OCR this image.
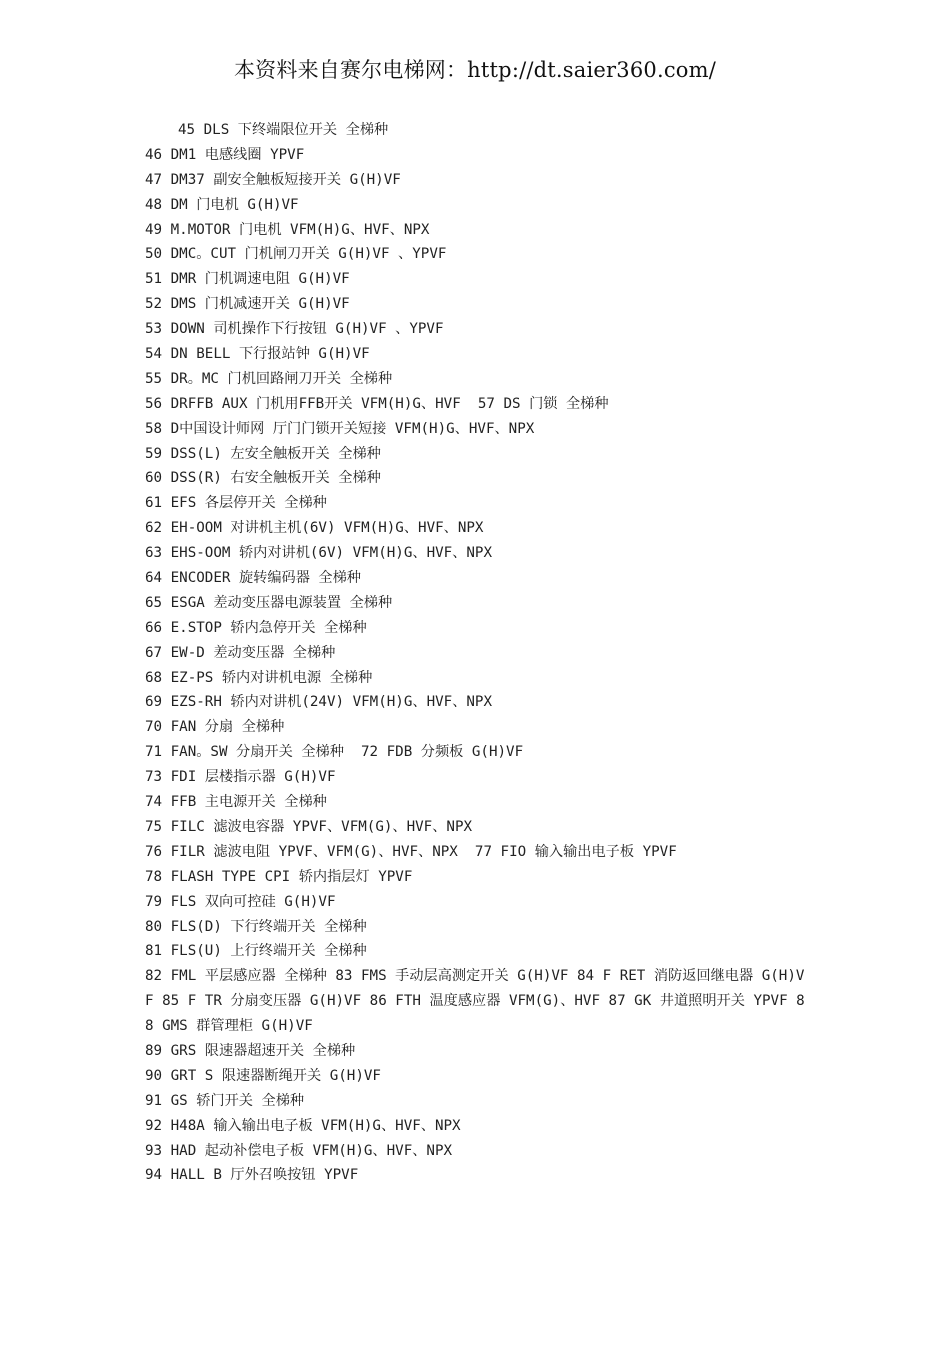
本资料来自赛尔电梯网：http://dt.saier360.com/
45 DLS 下终端限位开关 全梯种
46 DM1 电感线圈 YPVF
47 DM37 副安全触板短接开关 G(H)VF
48 DM 门电机 G(H)VF
49 M.MOTOR 门电机 VFM(H)G、HVF、NPX
50 DMC。CUT 门机闸刀开关 G(H)VF 、YPVF
51 DMR 门机调速电阻 G(H)VF
52 DMS 门机减速开关 G(H)VF
53 DOWN 司机操作下行按钮 G(H)VF 、YPVF
54 DN BELL 下行报站钟 G(H)VF
55 DR。MC 门机回路闸刀开关 全梯种
56 DRFFB AUX 门机用FFB开关 VFM(H)G、HVF  57 DS 门锁 全梯种
58 D中国设计师网 厅门门锁开关短接 VFM(H)G、HVF、NPX
59 DSS(L) 左安全触板开关 全梯种
60 DSS(R) 右安全触板开关 全梯种
61 EFS 各层停开关 全梯种
62 EH-OOM 对讲机主机(6V) VFM(H)G、HVF、NPX
63 EHS-OOM 轿内对讲机(6V) VFM(H)G、HVF、NPX
64 ENCODER 旋转编码器 全梯种
65 ESGA 差动变压器电源装置 全梯种
66 E.STOP 轿内急停开关 全梯种
67 EW-D 差动变压器 全梯种
68 EZ-PS 轿内对讲机电源 全梯种
69 EZS-RH 轿内对讲机(24V) VFM(H)G、HVF、NPX
70 FAN 分扇 全梯种
71 FAN。SW 分扇开关 全梯种  72 FDB 分频板 G(H)VF
73 FDI 层楼指示器 G(H)VF
74 FFB 主电源开关 全梯种
75 FILC 滤波电容器 YPVF、VFM(G)、HVF、NPX
76 FILR 滤波电阻 YPVF、VFM(G)、HVF、NPX  77 FIO 输入输出电子板 YPVF
78 FLASH TYPE CPI 轿内指层灯 YPVF
79 FLS 双向可控硅 G(H)VF
80 FLS(D) 下行终端开关 全梯种
81 FLS(U) 上行终端开关 全梯种
82 FML 平层感应器 全梯种 83 FMS 手动层高测定开关 G(H)VF 84 F RET 消防返回继电器 G(H)VF 85 F TR 分扇变压器 G(H)VF 86 FTH 温度感应器 VFM(G)、HVF 87 GK 井道照明开关 YPVF 88 GMS 群管理柜 G(H)VF
89 GRS 限速器超速开关 全梯种
90 GRT S 限速器断绳开关 G(H)VF
91 GS 轿门开关 全梯种
92 H48A 输入输出电子板 VFM(H)G、HVF、NPX
93 HAD 起动补偿电子板 VFM(H)G、HVF、NPX
94 HALL B 厅外召唤按钮 YPVF
